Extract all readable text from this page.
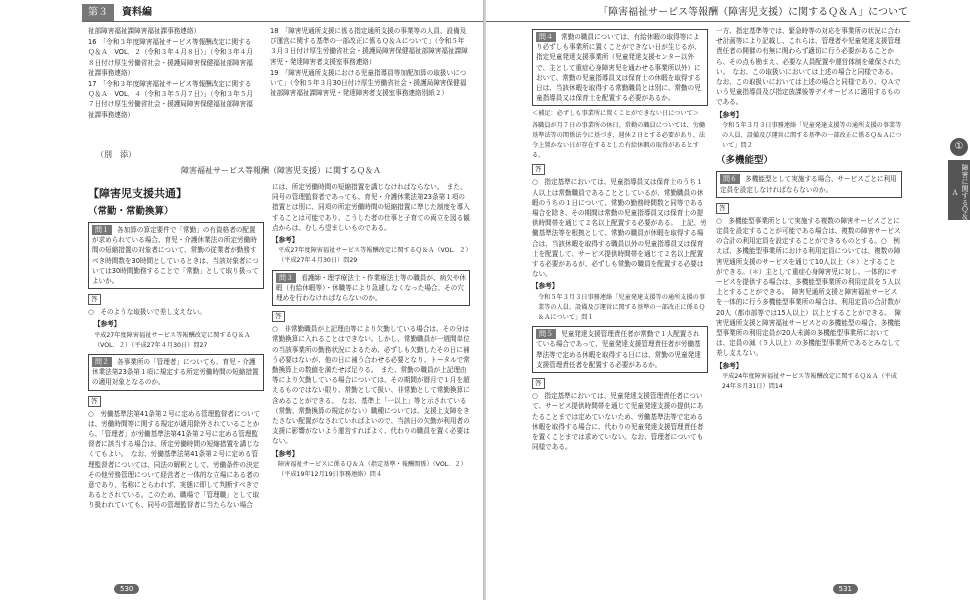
第３	資料編

祉部障害福祉課障害福祉課事務連絡）

16　「令和３年度障害福祉サービス等報酬改定に関するＱ＆Ａ　VOL．２（令和３年４月８日）」（令和３年４月８日付け厚生労働省社会・援護局障害保健福祉部障害福祉課事務連絡）

17　「令和３年度障害福祉サービス等報酬改定に関するＱ＆Ａ　VOL．４（令和３年５月７日）」（令和３年５月７日付け厚生労働省社会・援護局障害保健福祉部障害福祉課事務連絡）

18　「障害児通所支援に係る指定通所支援の事業等の人員、設備及び運営に関する基準の一部改正に係るＱ＆Ａについて」（令和５年３月３日付け厚生労働省社会・援護局障害保健福祉部障害福祉課障害児・発達障害者支援室事務連絡）

19　「障害児通所支援における児童指導員等加配加算の取扱いについて」（令和５年３月30日付け厚生労働省社会・援護局障害保健福祉部障害福祉課障害児・発達障害者支援室事務連絡別紙２）

（別　添）
障害福祉サービス等報酬（障害児支援）に関するＱ＆Ａ
【障害児支援共通】
（常勤・常勤換算）
問１ 各加算の算定要件で「常勤」の有資格者の配置が求められている場合、育児・介護休業法の所定労働時間の短縮措置の対象者について、常勤の従業者が勤務すべき時間数を30時間としているときは、当該対象者については30時間勤務することで「常勤」として取り扱ってよいか。
答

○　そのような取扱いで差し支えない。

【参考】

平成27年度障害福祉サービス等報酬改定に関するＱ＆Ａ（VOL．２）（平成27年４月30日）問27

問２ 各事業所の「管理者」についても、育児・介護休業法第23条第１項に規定する所定労働時間の短縮措置の適用対象となるのか。
答

○　労働基準法第41条第２号に定める管理監督者については、労働時間等に関する規定が適用除外されていることから、「管理者」が労働基準法第41条第２号に定める管理監督者に該当する場合は、所定労働時間の短縮措置を講じなくてもよい。　なお、労働基準法第41条第２号に定める管理監督者については、同法の解釈として、労働条件の決定その他労務管理について経営者と一体的な立場にある者の意であり、名称にとらわれず、実態に即して判断すべきであるとされている。このため、職場で「管理職」として取り扱われていても、同号の管理監督者に当たらない場合

には、所定労働時間の短縮措置を講じなければならない。　また、同号の管理監督者であっても、育児・介護休業法第23条第１項の措置とは別に、同項の所定労働時間の短縮措置に準じた制度を導入することは可能であり、こうした者の仕事と子育ての両立を図る観点からは、むしろ望ましいものである。

【参考】

平成27年度障害福祉サービス等報酬改定に関するＱ＆Ａ（VOL．２）（平成27年４月30日）問29

問３ 看護師・理学療法士・作業療法士等の職員が、病欠や休暇（有給休暇等）・休職等により急遽しなくなった場合、その穴埋めを行わなければならないのか。
答

○　非常勤職員が上記理由等により欠勤している場合は、その分は常勤換算に入れることはできない。しかし、常勤職員が一週間単位の当該事業所の勤務状況によるため、必ずしも欠勤したその日に補う必要はないが、他の日に補う合わせる必要となり、トータルで常勤換算上の数値を満たせば足りる。　また、常勤の職員が上記理由等により欠勤している場合については、その期間が暦月で１月を超えるものではない限り、常勤として扱い、非常勤として常勤換算に含めることができる。　なお、基準上「一以上」等と示されている（常勤、常勤換算の規定がない）職種については、支援上支障をきたさない配置がなされていればよいので、当該日の欠勤が利用者の支援に影響がないよう運営すればよく、代わりの職員を置く必要はない。

【参考】

障害福祉サービスに係るＱ＆Ａ（指定基準・報酬関係）（VOL．２）（平成19年12月19日事務連絡）問４

530
「障害福祉サービス等報酬（障害児支援）に関するＱ＆Ａ」について
問４ 常勤の職員については、有給休暇の取得等により必ずしも事業所に置くことができない日が生じるが、指定児童発達支援事業所（児童発達支援センター以外で、主として重症心身障害児を通わせる事業所以外）において、常勤の児童指導員又は保育士の休暇を取得する日は、当該休暇を取得する常勤職員とは別に、常勤の児童指導員又は保育士を配置する必要があるか。

＜補足：必ずしも事業所に置くことができない日について＞

各職員が月７日の事業所の休日、常勤の職員については、労働基準法等の関係法令に基づき、週休２日とする必要があり、法令上置かない日が存在するとした有給休暇の取得があるとする。

答

○　指定基準においては、児童指導員又は保育士のうち１人以上は常勤職員であることとしているが、常勤職員の休暇のうちの１日について、常勤の勤務時間数と同等である場合を除き、その期間は常勤の児童指導員又は保育士の提供時間帯を通じて２名以上配置する必要がある。　上記、労働基準法等を根拠として、常勤の職員が休暇を取得する場合は、当該休暇を取得する職員以外の児童指導員又は保育士を配置して、サービス提供時間帯を通じて２名以上配置する必要があるが、必ずしも常勤の職員を配置する必要はない。

【参考】

令和５年３月３日事務連絡「児童発達支援等の通所支援の事業等の人員、設備及び運営に関する基準の一部改正に係るＱ＆Ａについて」問１

問５ 児童発達支援管理責任者が常勤で１人配置されている場合であって、児童発達支援管理責任者が労働基準法等で定める休暇を取得する日には、常勤の児童発達支援管理責任者を配置する必要があるか。
答

○　指定基準においては、児童発達支援管理責任者について、サービス提供時間帯を通じて児童発達支援の提供にあたることまでは定めていないため、労働基準法等で定める休暇を取得する場合に、代わりの児童発達支援管理責任者を置くことまでは求めていない。なお、管理者についても同様である。

一方、指定基準等では、緊急時等の対応を事業所の状況に合わせ計画等により記載し、これらは、管理者や児童発達支援管理責任者の開催の有無に関わらず適切に行う必要があることから、その点も勘まえ、必要な人員配置や運営体制を確保されたい。　なお、この取扱いにおいては上述の場合と同様である。　なお、この取扱いにおいては上述の場合と同様であり、ＱＡでいう児童指導員及び指定放課後等デイサービスに適用するものである。

【参考】

令和５年３月３日事務連絡「児童発達支援等の通所支援の事業等の人員、設備及び運営に関する基準の一部改正に係るＱ＆Ａについて」問２

（多機能型）
問６ 多機能型として実施する場合、サービスごとに利用定員を設定しなければならないのか。
答

○　多機能型事業所として実施する複数の障害サービスごとに定員を設定することが可能である場合は、複数の障害サービスの合計の利用定員を設定することができるものとする。○　例えば、多機能型事業所における利用定員については、複数の障害児通所支援のサービスを通じて10人以上（＊）とすることができる。（＊）主として重症心身障害児に対し、一体的にサービスを提供する場合は、多機能型事業所の利用定員を５人以上とすることができる。　障害児通所支援と障害福祉サービスを一体的に行う多機能型事業所の場合は、利用定員の合計数が20人（都市部等では15人以上）以上とすることができる。　障害児通所支援と障害福祉サービスとの多機能型の場合、多機能型事業所の利用定員が20人未満の多機能型事業所においては、定員の減（５人以上）の多機能型事業所であるとみなして差し支えない。

【参考】

平成24年度障害福祉サービス等報酬改定に関するＱ＆Ａ（平成24年８月31日）問14

①
障害に関するＱ＆Ａ
531
